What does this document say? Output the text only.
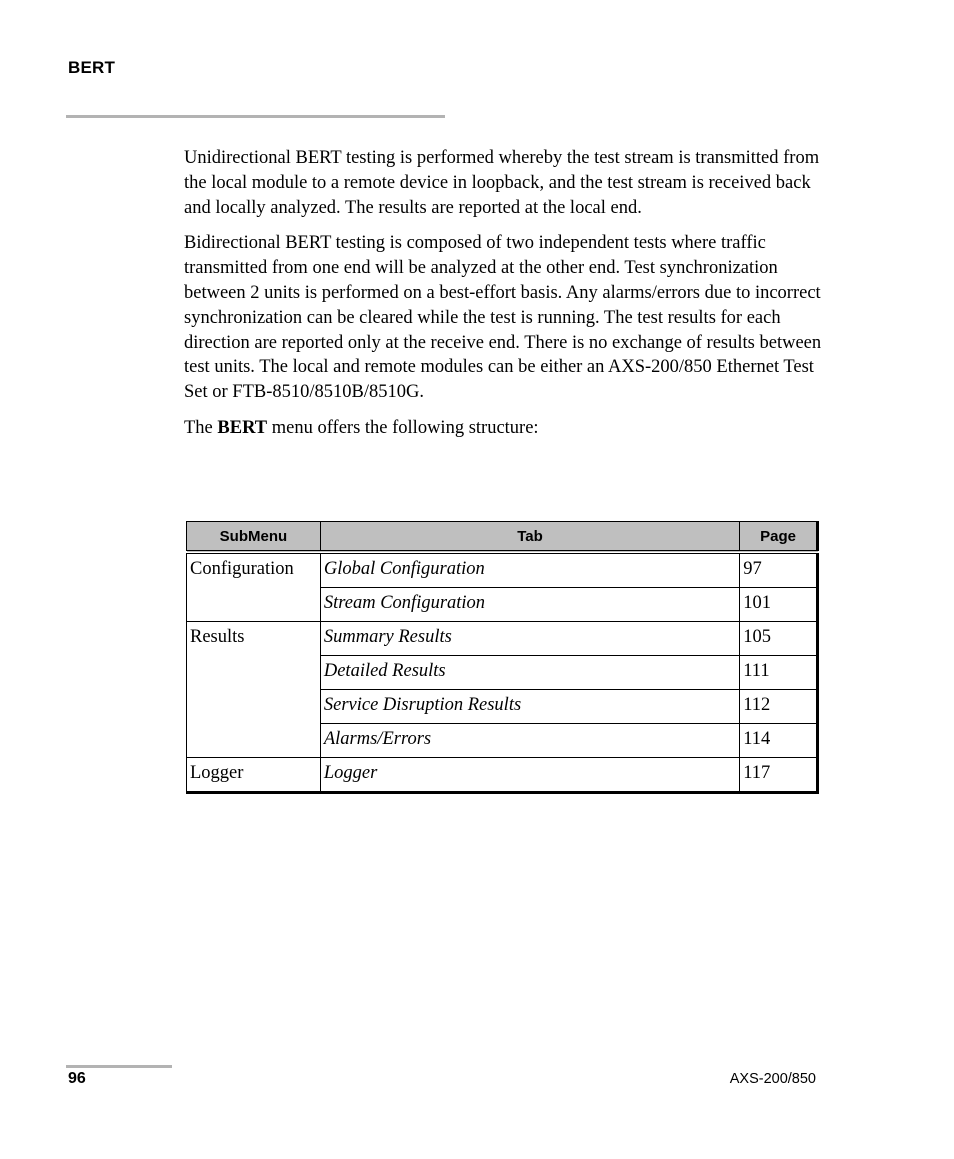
BERT

Unidirectional BERT testing is performed whereby the test stream is transmitted from the local module to a remote device in loopback, and the test stream is received back and locally analyzed. The results are reported at the local end.

Bidirectional BERT testing is composed of two independent tests where traffic transmitted from one end will be analyzed at the other end. Test synchronization between 2 units is performed on a best-effort basis. Any alarms/errors due to incorrect synchronization can be cleared while the test is running. The test results for each direction are reported only at the receive end. There is no exchange of results between test units. The local and remote modules can be either an AXS-200/850 Ethernet Test Set or FTB-8510/8510B/8510G.

The BERT menu offers the following structure:

SubMenu	Tab	Page
Configuration	Global Configuration	97
	Stream Configuration	101
Results	Summary Results	105
	Detailed Results	111
	Service Disruption Results	112
	Alarms/Errors	114
Logger	Logger	117
96	AXS-200/850
